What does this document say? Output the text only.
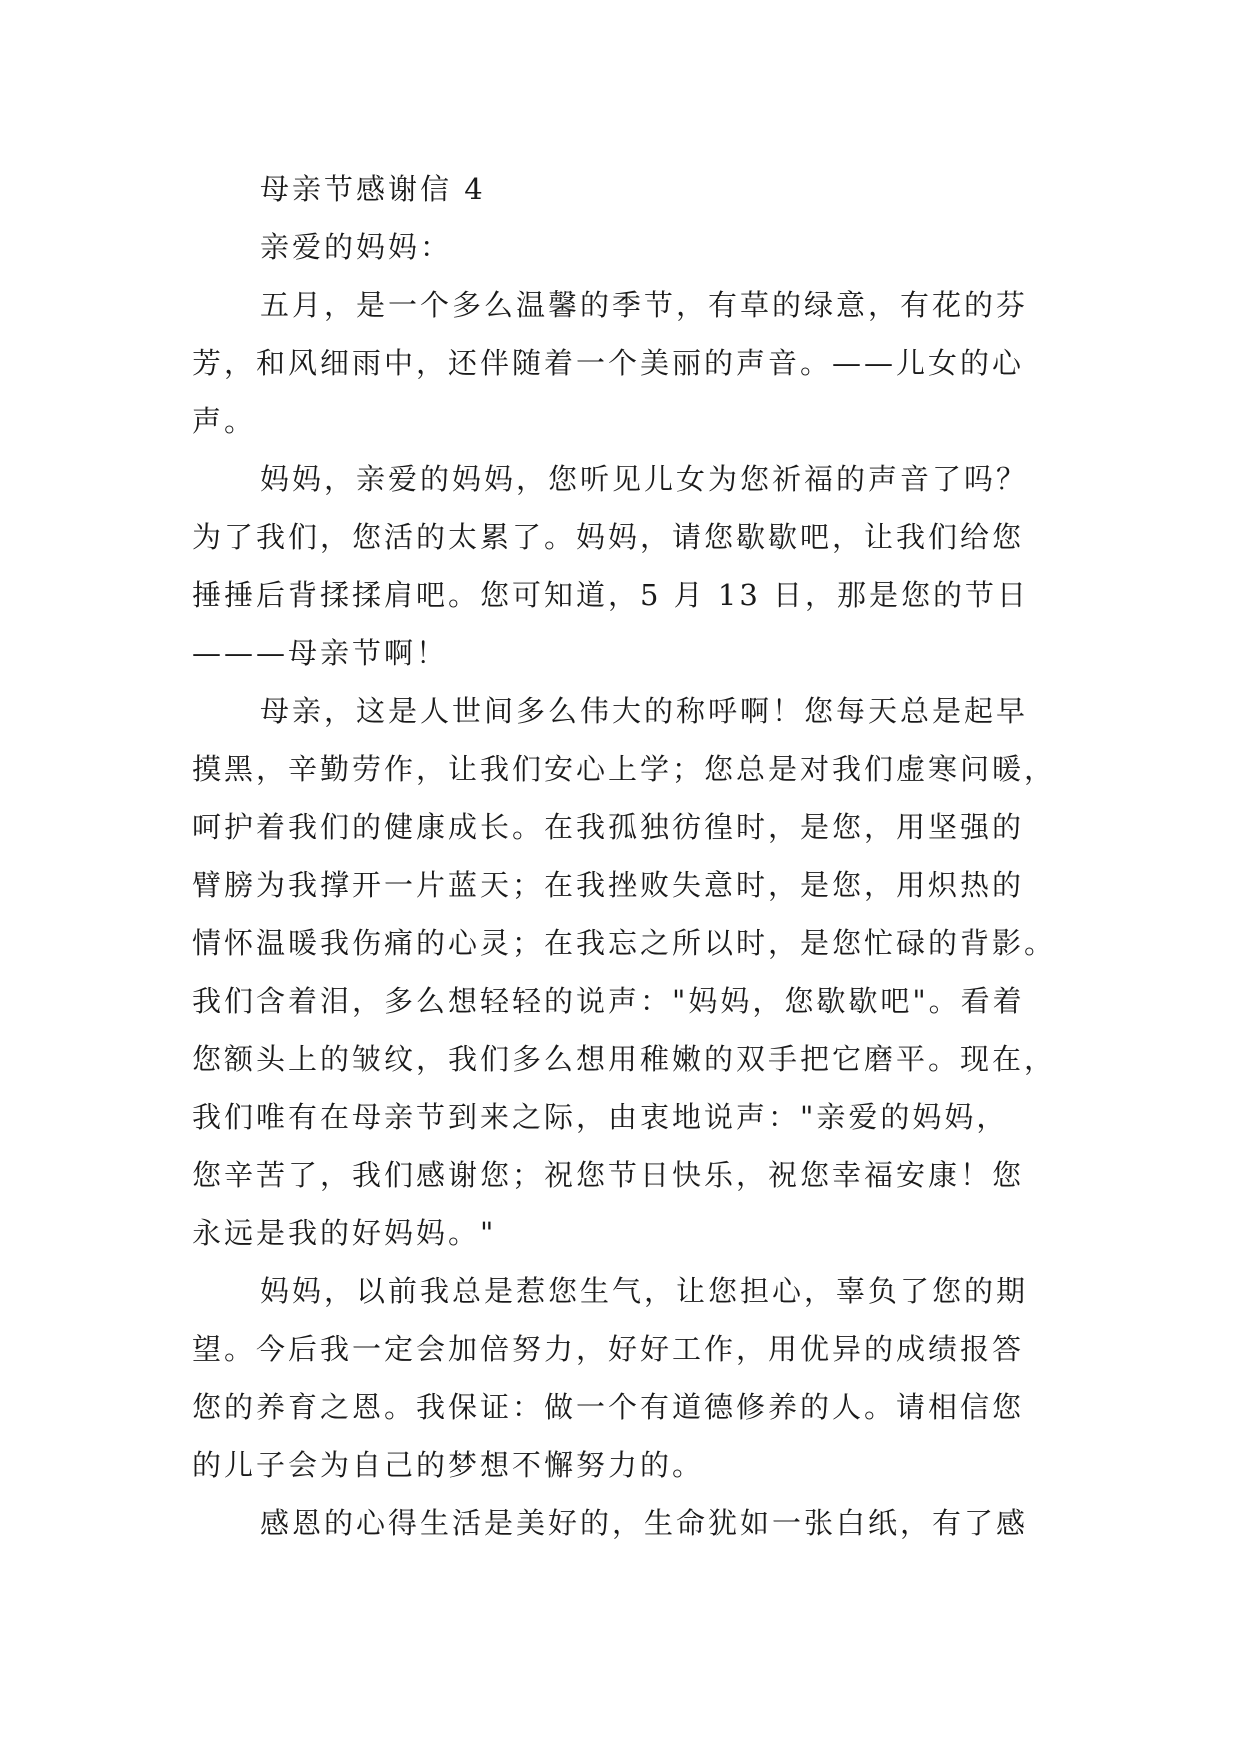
母亲节感谢信 4
亲爱的妈妈：
五月，是一个多么温馨的季节，有草的绿意，有花的芬
芳，和风细雨中，还伴随着一个美丽的声音。——儿女的心
声。
妈妈，亲爱的妈妈，您听见儿女为您祈福的声音了吗？
为了我们，您活的太累了。妈妈，请您歇歇吧，让我们给您
捶捶后背揉揉肩吧。您可知道，5 月 13 日，那是您的节日
———母亲节啊！
母亲，这是人世间多么伟大的称呼啊！您每天总是起早
摸黑，辛勤劳作，让我们安心上学；您总是对我们虚寒问暖，
呵护着我们的健康成长。在我孤独彷徨时，是您，用坚强的
臂膀为我撑开一片蓝天；在我挫败失意时，是您，用炽热的
情怀温暖我伤痛的心灵；在我忘之所以时，是您忙碌的背影。
我们含着泪，多么想轻轻的说声："妈妈，您歇歇吧"。看着
您额头上的皱纹，我们多么想用稚嫩的双手把它磨平。现在，
我们唯有在母亲节到来之际，由衷地说声："亲爱的妈妈，
您辛苦了，我们感谢您；祝您节日快乐，祝您幸福安康！您
永远是我的好妈妈。"
妈妈，以前我总是惹您生气，让您担心，辜负了您的期
望。今后我一定会加倍努力，好好工作，用优异的成绩报答
您的养育之恩。我保证：做一个有道德修养的人。请相信您
的儿子会为自己的梦想不懈努力的。
感恩的心得生活是美好的，生命犹如一张白纸，有了感
